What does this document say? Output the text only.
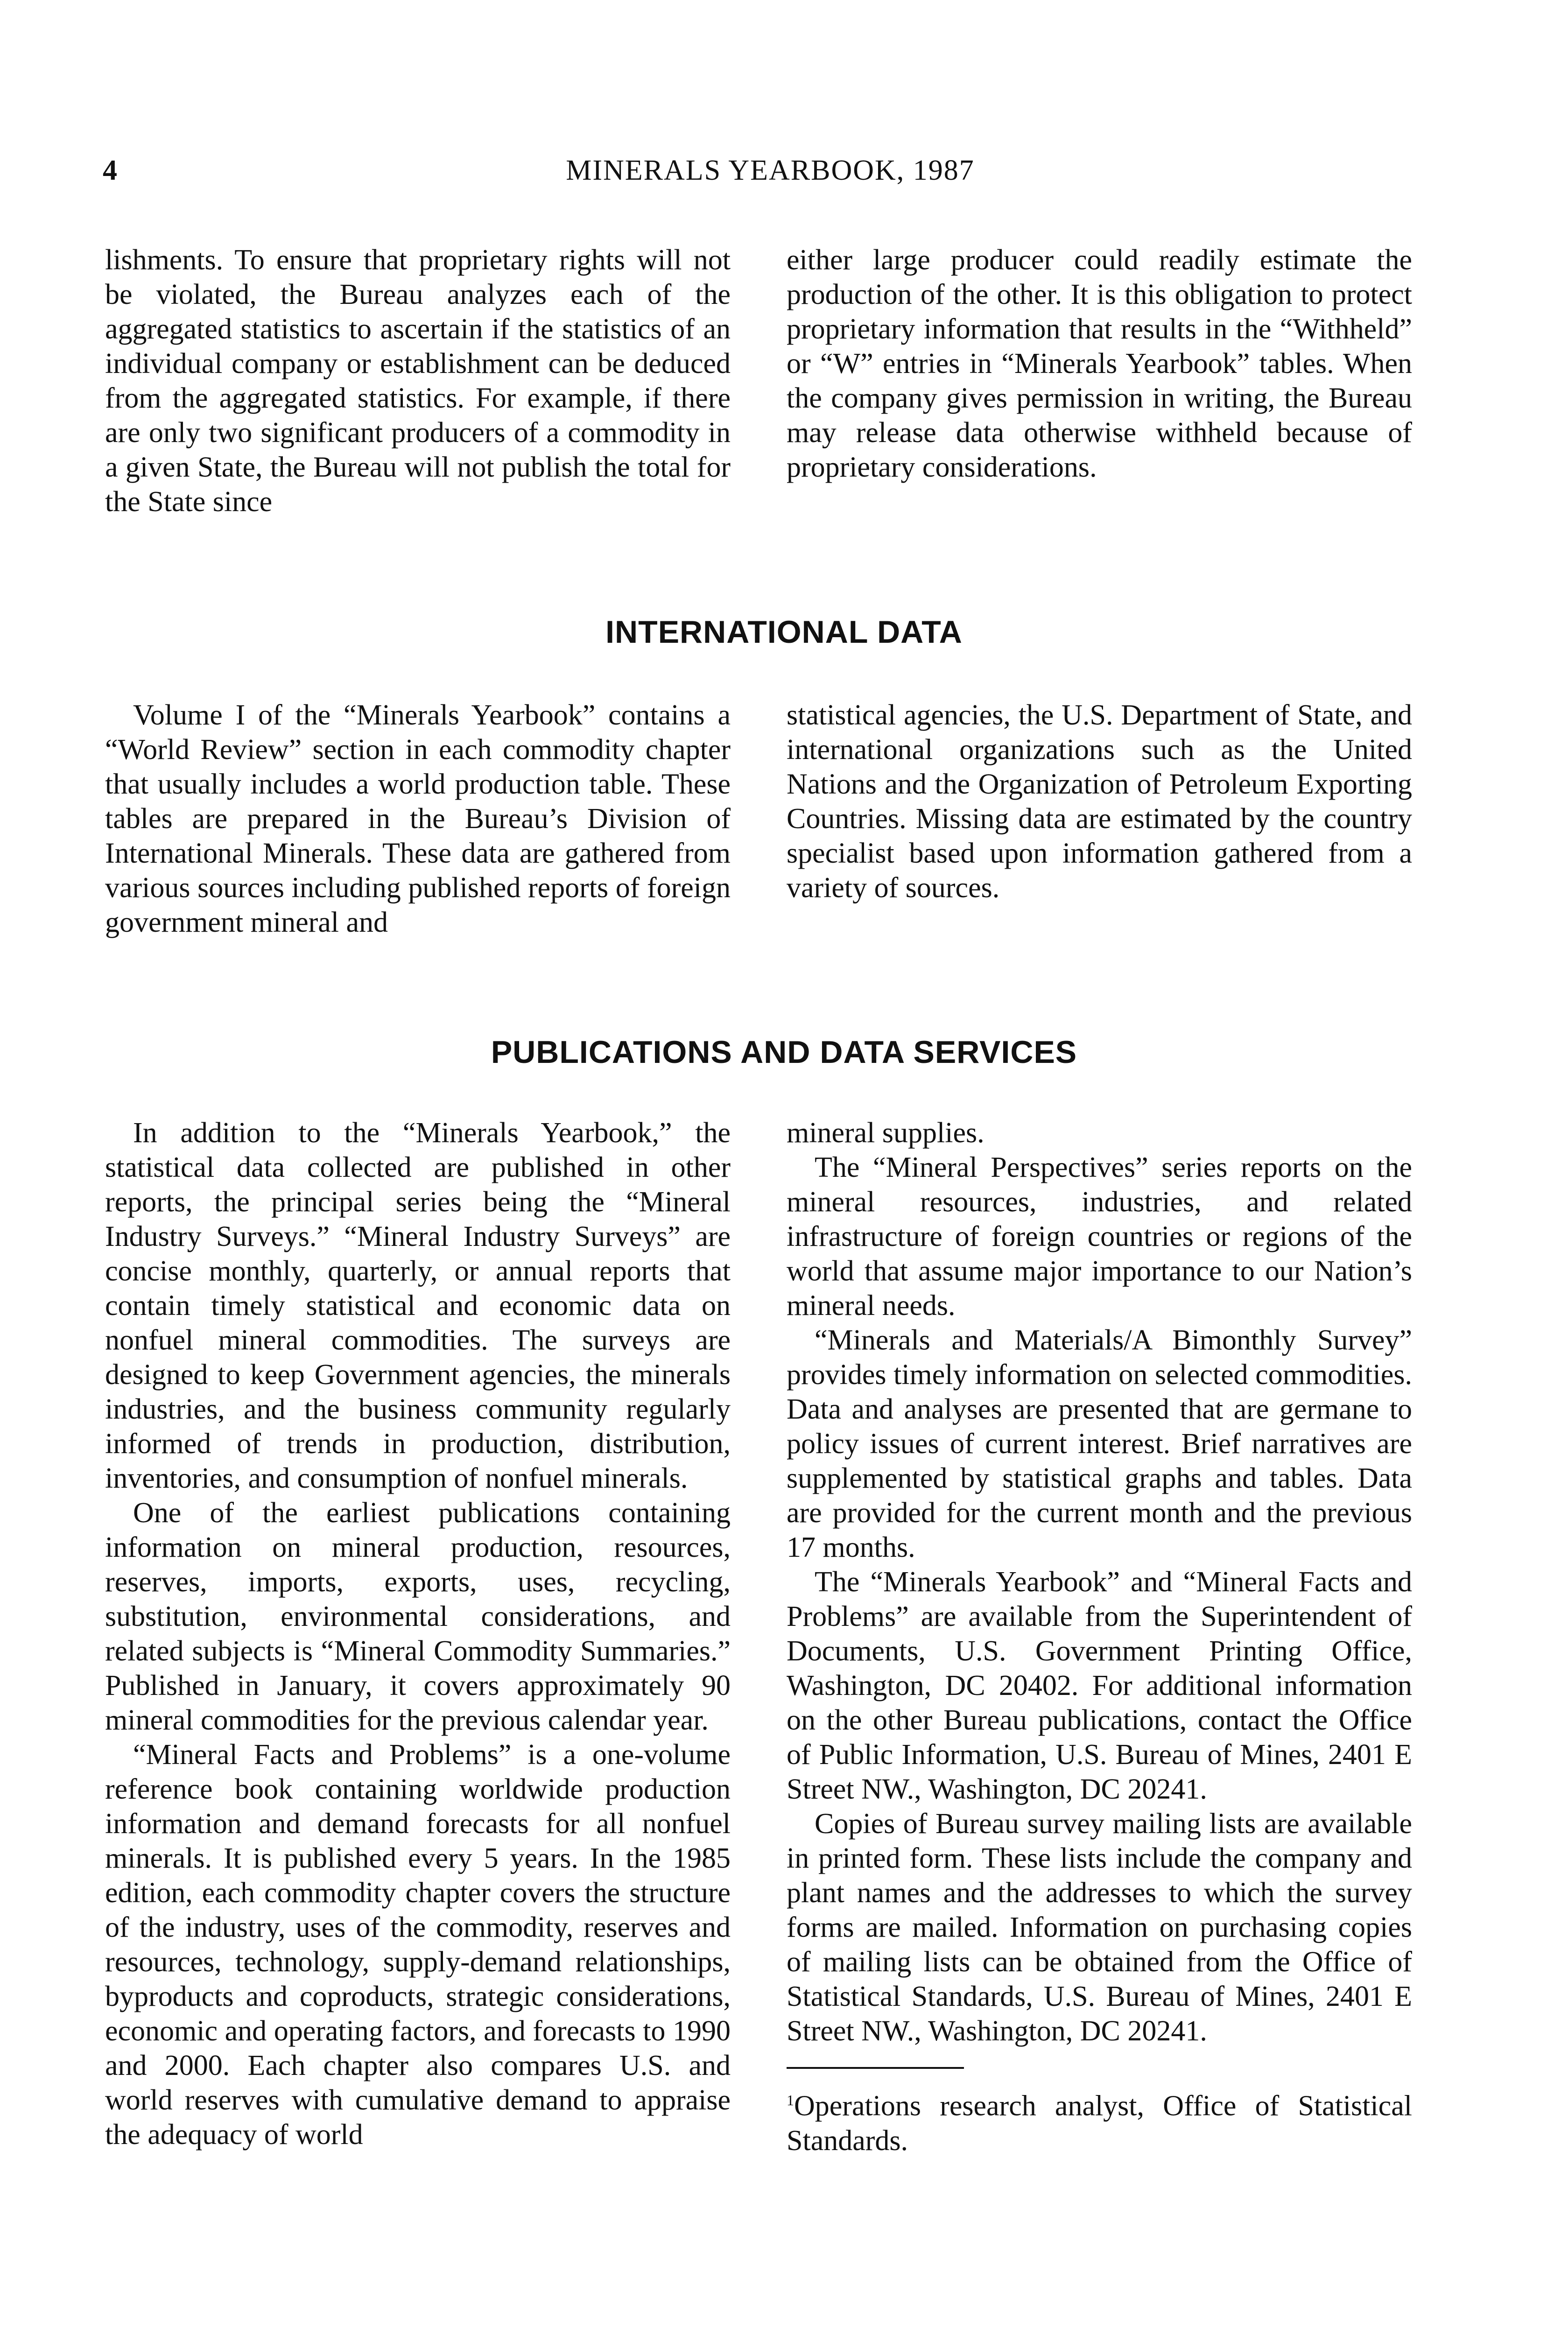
4	MINERALS YEARBOOK, 1987

lishments. To ensure that proprietary rights will not be violated, the Bureau analyzes each of the aggregated statistics to ascertain if the statistics of an individual company or establishment can be deduced from the aggregated statistics. For example, if there are only two significant producers of a commodity in a given State, the Bureau will not publish the total for the State since

either large producer could readily estimate the production of the other. It is this obligation to protect proprietary information that results in the “Withheld” or “W” entries in “Minerals Yearbook” tables. When the company gives permission in writing, the Bureau may release data otherwise withheld because of proprietary considerations.

INTERNATIONAL DATA

Volume I of the “Minerals Yearbook” contains a “World Review” section in each commodity chapter that usually includes a world production table. These tables are prepared in the Bureau’s Division of International Minerals. These data are gathered from various sources including published reports of foreign government mineral and

statistical agencies, the U.S. Department of State, and international organizations such as the United Nations and the Organization of Petroleum Exporting Countries. Missing data are estimated by the country specialist based upon information gathered from a variety of sources.

PUBLICATIONS AND DATA SERVICES

In addition to the “Minerals Yearbook,” the statistical data collected are published in other reports, the principal series being the “Mineral Industry Surveys.” “Mineral Industry Surveys” are concise monthly, quarterly, or annual reports that contain timely statistical and economic data on nonfuel mineral commodities. The surveys are designed to keep Government agencies, the minerals industries, and the business community regularly informed of trends in production, distribution, inventories, and consumption of nonfuel minerals.

One of the earliest publications containing information on mineral production, resources, reserves, imports, exports, uses, recycling, substitution, environmental considerations, and related subjects is “Mineral Commodity Summaries.” Published in January, it covers approximately 90 mineral commodities for the previous calendar year.

“Mineral Facts and Problems” is a one-volume reference book containing worldwide production information and demand forecasts for all nonfuel minerals. It is published every 5 years. In the 1985 edition, each commodity chapter covers the structure of the industry, uses of the commodity, reserves and resources, technology, supply-demand relationships, byproducts and coproducts, strategic considerations, economic and operating factors, and forecasts to 1990 and 2000. Each chapter also compares U.S. and world reserves with cumulative demand to appraise the adequacy of world

mineral supplies.

The “Mineral Perspectives” series reports on the mineral resources, industries, and related infrastructure of foreign countries or regions of the world that assume major importance to our Nation’s mineral needs.

“Minerals and Materials/A Bimonthly Survey” provides timely information on selected commodities. Data and analyses are presented that are germane to policy issues of current interest. Brief narratives are supplemented by statistical graphs and tables. Data are provided for the current month and the previous 17 months.

The “Minerals Yearbook” and “Mineral Facts and Problems” are available from the Superintendent of Documents, U.S. Government Printing Office, Washington, DC 20402. For additional information on the other Bureau publications, contact the Office of Public Information, U.S. Bureau of Mines, 2401 E Street NW., Washington, DC 20241.

Copies of Bureau survey mailing lists are available in printed form. These lists include the company and plant names and the addresses to which the survey forms are mailed. Information on purchasing copies of mailing lists can be obtained from the Office of Statistical Standards, U.S. Bureau of Mines, 2401 E Street NW., Washington, DC 20241.

$^1$Operations research analyst, Office of Statistical Standards.
